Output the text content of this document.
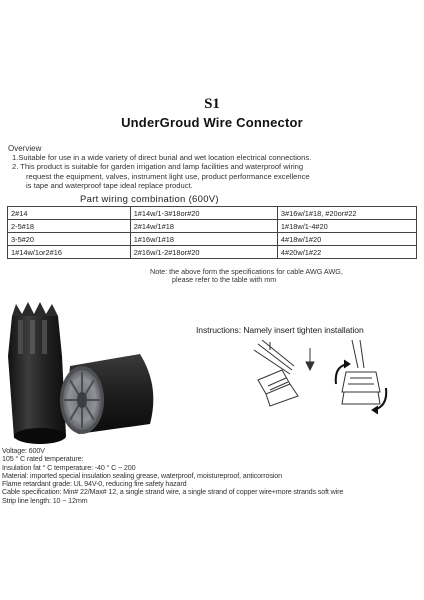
S1
UnderGroud Wire Connector
Overview
1.Suitable for use in a wide variety of direct burial and wet location electrical connections.
2. This product is suitable for garden irrigation and lamp facilities and waterproof wiring
request the equipment, valves, instrument light use, product performance excellence
is tape and waterproof tape ideal replace product.
Part wiring combination (600V)
2#14	1#14w/1-3#18or#20	3#16w/1#18, #20or#22
2-5#18	2#14w/1#18	1#18w/1-4#20
3-5#20	1#16w/1#18	4#18w/1#20
1#14w/1or2#16	2#16w/1-2#18or#20	4#20w/1#22
Note: the above form the specifications for cable AWG AWG,
please refer to the table with mm
Instructions: Namely insert tighten installation
Voltage: 600V
105 ° C rated temperature:
Insulation fat ° C temperature: -40 ° C ~ 200
Material: imported special insulation sealing grease, waterproof, moistureproof, anticorrosion
Flame retardant grade: UL 94V-0, reducing fire safety hazard
Cable specification: Min# 22/Max# 12, a single strand wire, a single strand of copper wire+more strands soft wire
Strip line length: 10 ~ 12mm
